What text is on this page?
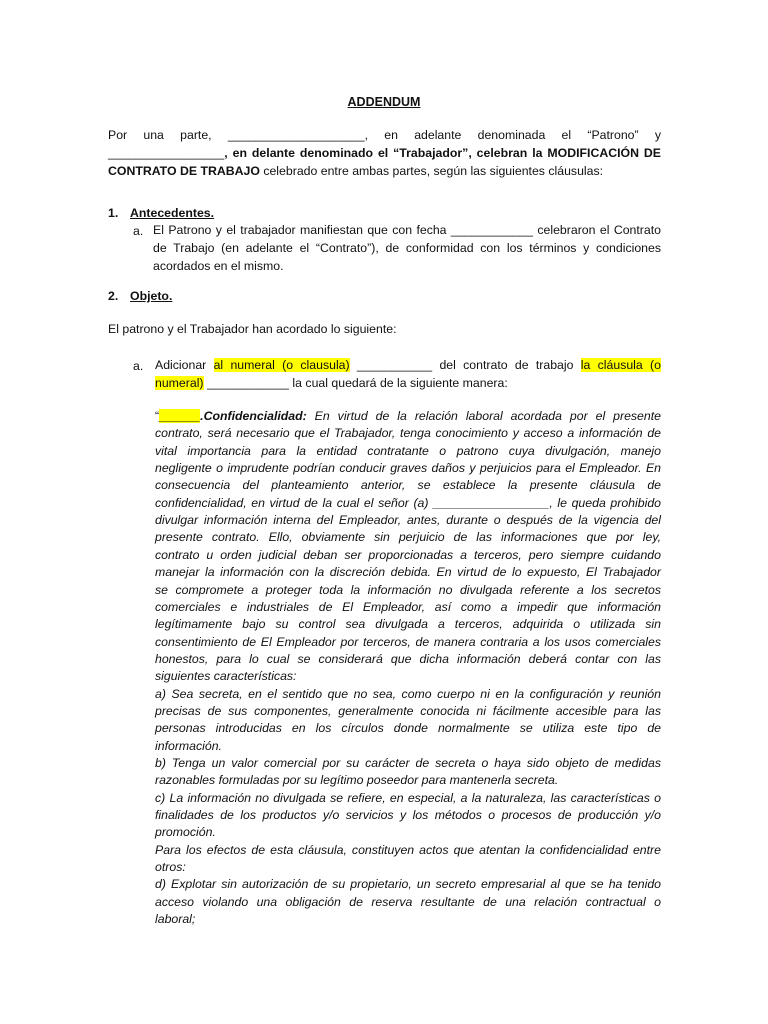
ADDENDUM
Por una parte, ____________________, en adelante denominada el “Patrono” y
_________________, en delante denominado el “Trabajador”, celebran la MODIFICACIÓN DE
CONTRATO DE TRABAJO celebrado entre ambas partes, según las siguientes cláusulas:
1. Antecedentes.
a. El Patrono y el trabajador manifiestan que con fecha ____________ celebraron el Contrato
de Trabajo (en adelante el “Contrato”), de conformidad con los términos y condiciones
acordados en el mismo.
2. Objeto.
El patrono y el Trabajador han acordado lo siguiente:
a. Adicionar al numeral (o clausula) ___________ del contrato de trabajo la cláusula (o
numeral) ____________ la cual quedará de la siguiente manera:
“______.Confidencialidad: En virtud de la relación laboral acordada por el presente
contrato, será necesario que el Trabajador, tenga conocimiento y acceso a información de
vital importancia para la entidad contratante o patrono cuya divulgación, manejo
negligente o imprudente podrían conducir graves daños y perjuicios para el Empleador. En
consecuencia del planteamiento anterior, se establece la presente cláusula de
confidencialidad, en virtud de la cual el señor (a) _________________, le queda prohibido
divulgar información interna del Empleador, antes, durante o después de la vigencia del
presente contrato. Ello, obviamente sin perjuicio de las informaciones que por ley,
contrato u orden judicial deban ser proporcionadas a terceros, pero siempre cuidando
manejar la información con la discreción debida. En virtud de lo expuesto, El Trabajador
se compromete a proteger toda la información no divulgada referente a los secretos
comerciales e industriales de El Empleador, así como a impedir que información
legítimamente bajo su control sea divulgada a terceros, adquirida o utilizada sin
consentimiento de El Empleador por terceros, de manera contraria a los usos comerciales
honestos, para lo cual se considerará que dicha información deberá contar con las
siguientes características:
a) Sea secreta, en el sentido que no sea, como cuerpo ni en la configuración y reunión
precisas de sus componentes, generalmente conocida ni fácilmente accesible para las
personas introducidas en los círculos donde normalmente se utiliza este tipo de
información.
b) Tenga un valor comercial por su carácter de secreta o haya sido objeto de medidas
razonables formuladas por su legítimo poseedor para mantenerla secreta.
c) La información no divulgada se refiere, en especial, a la naturaleza, las características o
finalidades de los productos y/o servicios y los métodos o procesos de producción y/o
promoción.
Para los efectos de esta cláusula, constituyen actos que atentan la confidencialidad entre
otros:
d) Explotar sin autorización de su propietario, un secreto empresarial al que se ha tenido
acceso violando una obligación de reserva resultante de una relación contractual o
laboral;
